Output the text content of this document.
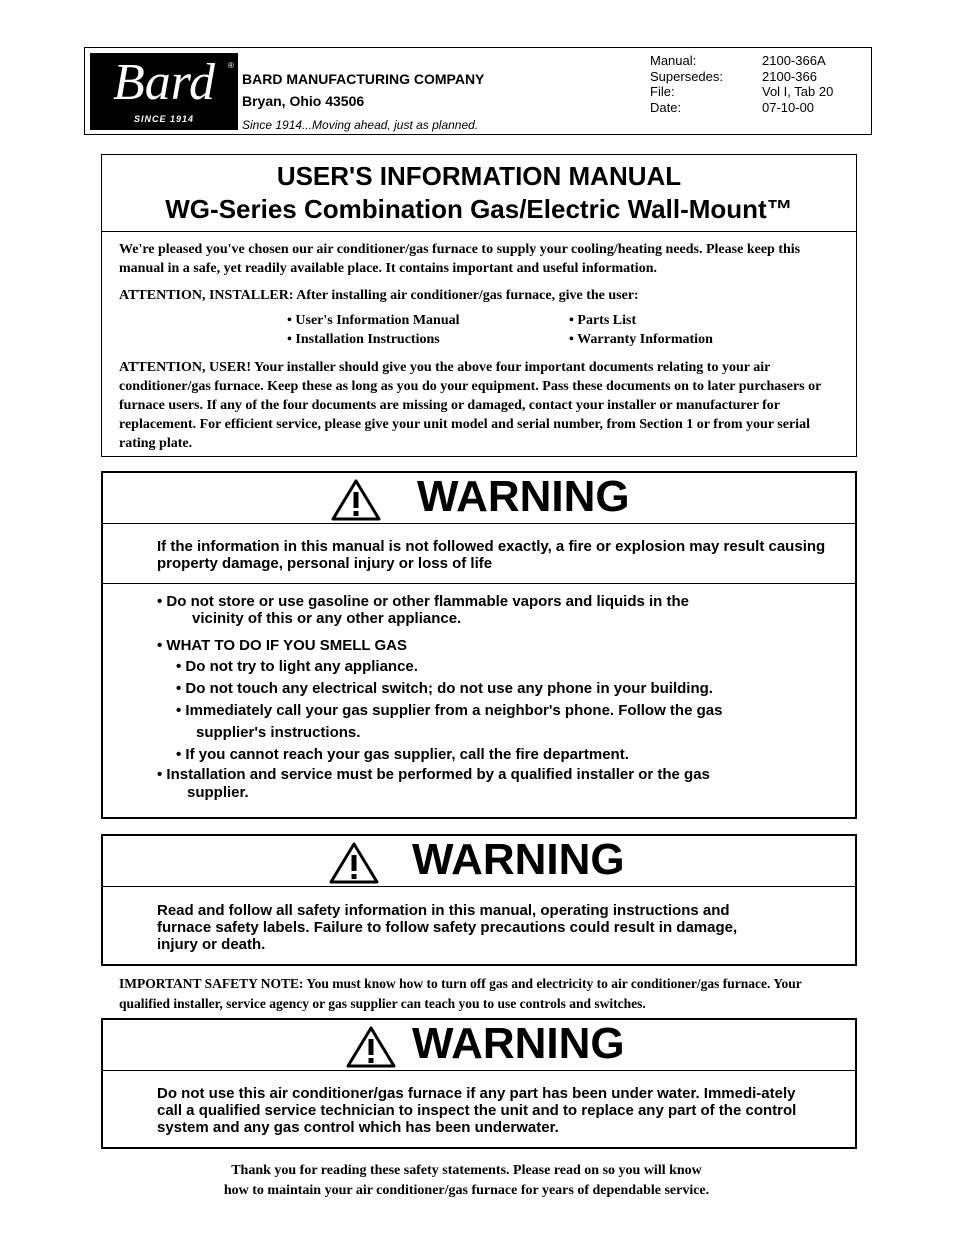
Bard	®
SINCE 1914
BARD MANUFACTURING COMPANY
Bryan, Ohio 43506
Since 1914...Moving ahead, just as planned.
Manual:	2100-366A
Supersedes:	2100-366
File:	Vol I, Tab 20
Date:	07-10-00
USER'S INFORMATION MANUAL
WG-Series Combination Gas/Electric Wall-Mount™

We're pleased you've chosen our air conditioner/gas furnace to supply your cooling/heating needs. Please keep this manual in a safe, yet readily available place. It contains important and useful information.

ATTENTION, INSTALLER: After installing air conditioner/gas furnace, give the user:

• User's Information Manual	• Parts List
• Installation Instructions	• Warranty Information

ATTENTION, USER! Your installer should give you the above four important documents relating to your air conditioner/gas furnace. Keep these as long as you do your equipment. Pass these documents on to later purchasers or furnace users. If any of the four documents are missing or damaged, contact your installer or manufacturer for replacement. For efficient service, please give your unit model and serial number, from Section 1 or from your serial rating plate.

WARNING
If the information in this manual is not followed exactly, a fire or explosion may result causing property damage, personal injury or loss of life
• Do not store or use gasoline or other flammable vapors and liquids in the
vicinity of this or any other appliance.
• WHAT TO DO IF YOU SMELL GAS
• Do not try to light any appliance.
• Do not touch any electrical switch; do not use any phone in your building.
• Immediately call your gas supplier from a neighbor's phone. Follow the gas
supplier's instructions.
• If you cannot reach your gas supplier, call the fire department.
• Installation and service must be performed by a qualified installer or the gas
supplier.
WARNING
Read and follow all safety information in this manual, operating instructions and furnace safety labels. Failure to follow safety precautions could result in damage, injury or death.
IMPORTANT SAFETY NOTE: You must know how to turn off gas and electricity to air conditioner/gas furnace. Your qualified installer, service agency or gas supplier can teach you to use controls and switches.
WARNING
Do not use this air conditioner/gas furnace if any part has been under water. Immedi-ately call a qualified service technician to inspect the unit and to replace any part of the control system and any gas control which has been underwater.
Thank you for reading these safety statements. Please read on so you will know
how to maintain your air conditioner/gas furnace for years of dependable service.
